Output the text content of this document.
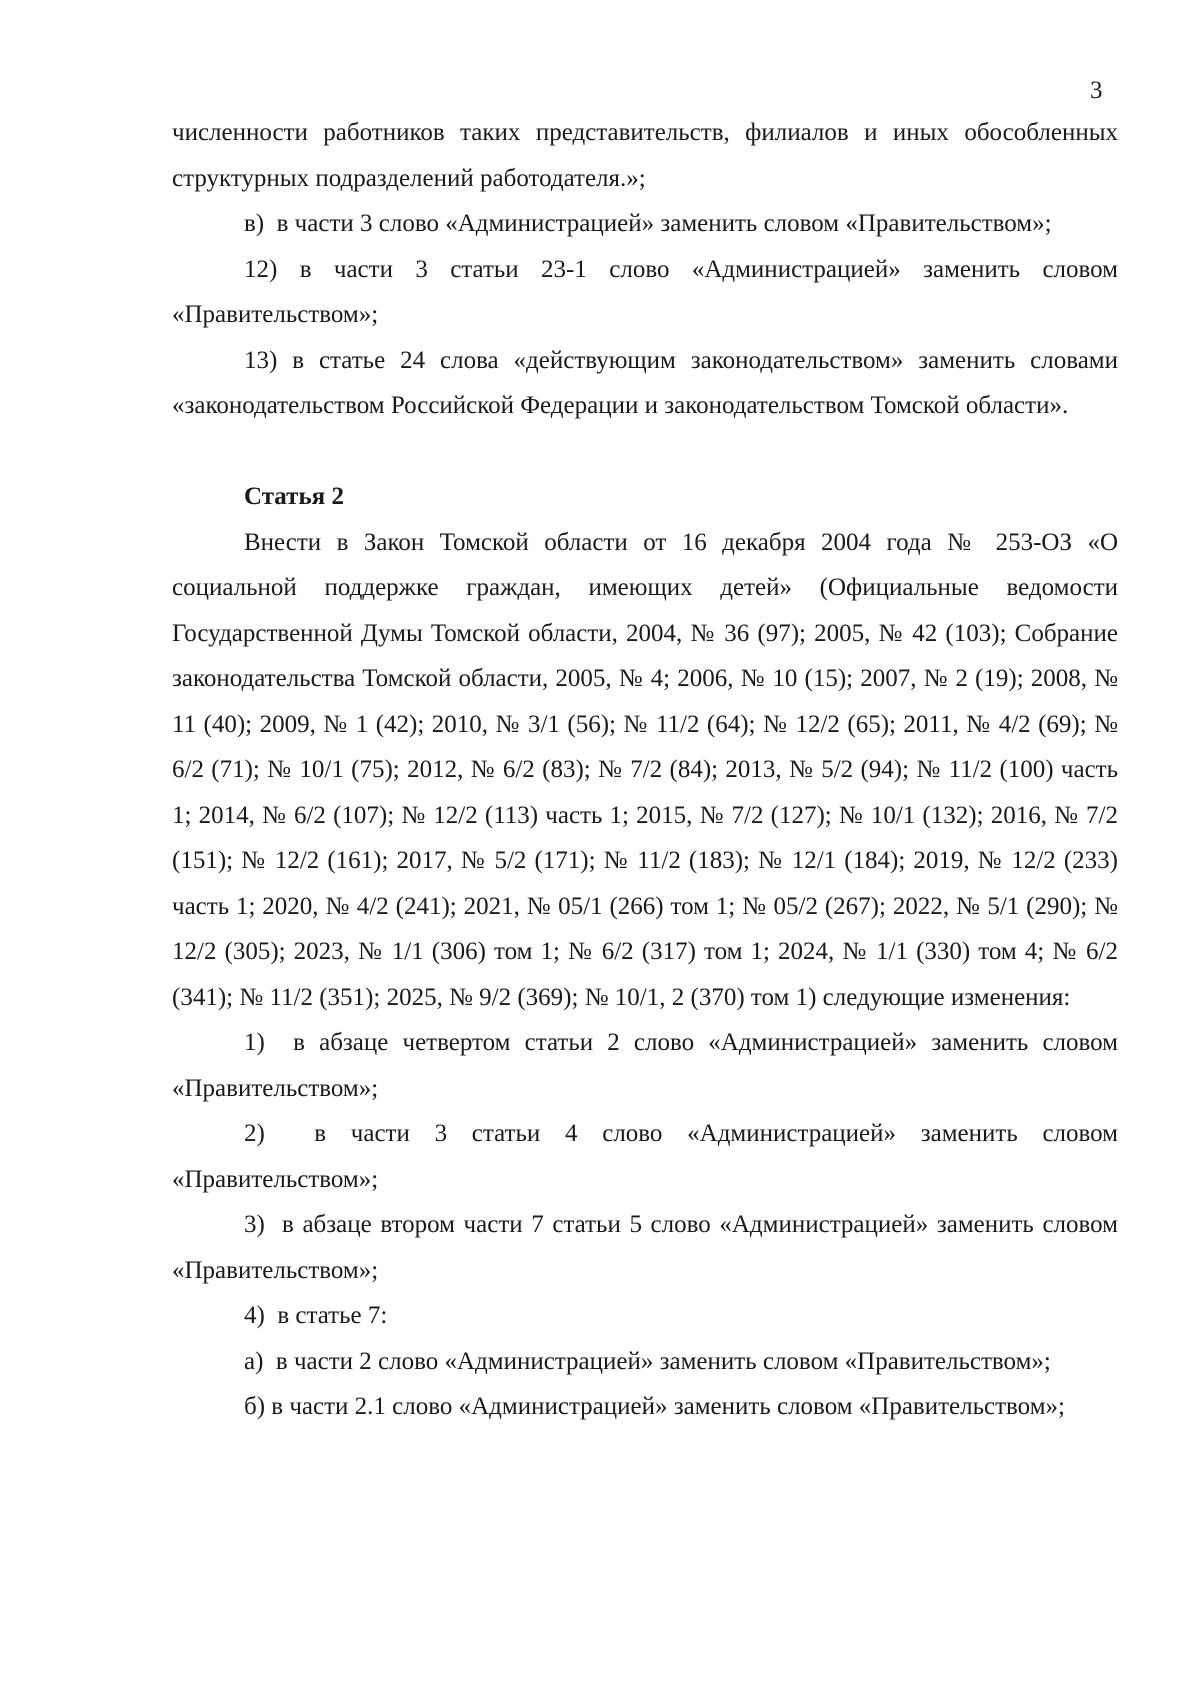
3

численности работников таких представительств, филиалов и иных обособленных структурных подразделений работодателя.»;

в)  в части 3 слово «Администрацией» заменить словом «Правительством»;

12) в части 3 статьи 23-1 слово «Администрацией» заменить словом «Правительством»;

13) в статье 24 слова «действующим законодательством» заменить словами «законодательством Российской Федерации и законодательством Томской области».

Статья 2

Внести в Закон Томской области от 16 декабря 2004 года № 253-ОЗ «О социальной поддержке граждан, имеющих детей» (Официальные ведомости Государственной Думы Томской области, 2004, № 36 (97); 2005, № 42 (103); Собрание законодательства Томской области, 2005, № 4; 2006, № 10 (15); 2007, № 2 (19); 2008, № 11 (40); 2009, № 1 (42); 2010, № 3/1 (56); № 11/2 (64); № 12/2 (65); 2011, № 4/2 (69); № 6/2 (71); № 10/1 (75); 2012, № 6/2 (83); № 7/2 (84); 2013, № 5/2 (94); № 11/2 (100) часть 1; 2014, № 6/2 (107); № 12/2 (113) часть 1; 2015, № 7/2 (127); № 10/1 (132); 2016, № 7/2 (151); № 12/2 (161); 2017, № 5/2 (171); № 11/2 (183); № 12/1 (184); 2019, № 12/2 (233) часть 1; 2020, № 4/2 (241); 2021, № 05/1 (266) том 1; № 05/2 (267); 2022, № 5/1 (290); № 12/2 (305); 2023, № 1/1 (306) том 1; № 6/2 (317) том 1; 2024, № 1/1 (330) том 4; № 6/2 (341); № 11/2 (351); 2025, № 9/2 (369); № 10/1, 2 (370) том 1) следующие изменения:

1)  в абзаце четвертом статьи 2 слово «Администрацией» заменить словом «Правительством»;

2)  в части 3 статьи 4 слово «Администрацией» заменить словом «Правительством»;

3)  в абзаце втором части 7 статьи 5 слово «Администрацией» заменить словом «Правительством»;

4)  в статье 7:

а)  в части 2 слово «Администрацией» заменить словом «Правительством»;

б) в части 2.1 слово «Администрацией» заменить словом «Правительством»;
